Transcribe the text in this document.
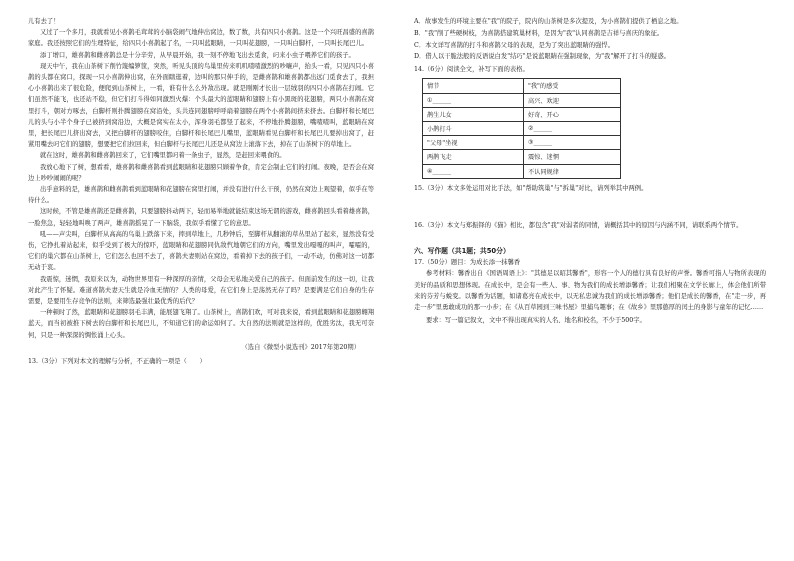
儿有去了！

又过了一个多月，我就看见小喜鹊毛茸茸的小脑袋闹气地伸出窝边，数了数，共有四只小喜鹊。这是一个兴旺昌盛的喜鹊家庭。我还按照它们的生理特征，给四只小喜鹊起了名，一只叫蓝眼睛，一只叫花翅膀，一只叫白脚杆，一只叫长尾巴儿。

添丁增口，雄喜鹊和雌喜鹊总是十分辛劳，从早晨开始，我一刻不停地飞出去觅食，叼来小虫子喂养它们的孩子。

现天中午，我在山茶树下削竹篾编箩筐，突然，听见头顶的鸟巢里传来叽叽喳喳激烈的吵嚷声，抬头一看，只见四只小喜鹊的头都在窝口，探现一只小喜鹊伸出窝，在外面瞎逛着，边叫的那只伸手的，是雌喜鹊和雄喜鹊都出远门觅食去了，我担心小喜鹊出来了很危险，便爬到山茶树上，一看，谁有什么么外敌出现。就是刚刚才长出一层绒羽的四只小喜鹊在打闹。它们虽然不能飞，也还站不稳，但它们打斗得如同激烈火爆：个头最大的蓝眼睛和翅膀上有小黑斑的花翅膀，两只小喜鹊在窝里打斗，朝对方啄去，白脚杆则扑腾翅膀在窝沿处，头共连同翅膀呼呼扇着翅膀在两个小喜鹊间挤来挤去。白脚杆和长尾巴儿的头与小半个身子已被挤到窝沿边，大概是窝实在太小，浑身羽毛都竖了起来，不停地扑腾翅膀，嘴喳喳叫，蓝眼睛在窝里，把长尾巴儿挤出窝去，又把白脚杆的翅膀咬住，白脚杆和长尾巴儿嘴里，蓝眼睛看见白脚杆和长尾巴儿要掉出窝了，赶紧用嘴去叼它们的翅膀，想要把它们拉回来，但白脚杆与长尾巴儿还是从窝边上滚落下去，掉在了山茶树下的草地上。

就在这时，雄喜鹊和雌喜鹊回来了，它们嘴里都叼着一条虫子，显然，是赶回来喂食的。

我放心地下了树，想看看，雄喜鹊和雌喜鹊看到蓝眼睛和花翅膀只顾着争食，肯定会制止它们的打闹。夜晚，是否会在窝边上吵吵闹闹的呢？

出乎意料的是，雄喜鹊和雌喜鹊看到蓝眼睛和花翅膀在窝里打闹，并没有进行什么干预，仍然在窝边上观望着，似乎在等待什么。

这时候，不管是雄喜鹊还是雌喜鹊，只要翅膀抖动两下，轻而易举地就能结束这场无谓的游戏，雌喜鹊回头看着雄喜鹊，一脸焦急，轻轻地叫唤了两声，雄喜鹊摇晃了一下脑袋，我似乎看懂了它的意思。

吼——声尖叫，白脚杆从高高的鸟巢上跌落下来，摔到草地上，几秒钟后，至脚杆从翻滚的草丛里站了起来，显然没有受伤，它挣扎着站起来，似乎受到了极大的惊吓，蓝眼睛和花翅膀同仇敌忾地朝它们的方向，嘴里发出嘎嘎的叫声，嚯嚯的，它们的巢穴都在山茶树上，它们怎么也回不去了，喜鹊夫妻则站在窝边，看着掉下去的孩子们，一动不动，仿佛对这一切都无动于衷。

我震惊，迷惘，我原来以为，动物世界里有一种深厚的亲情，父母会无私地关爱自己的孩子。但面前发生的这一切，让我对此产生了怀疑。难道喜鹊夫妻天生就是冷血无情的？人类的母爱，在它们身上是荡然无存了吗？是要满足它们自身的生存需要，是要用生存竞争的法则，来筛选最强壮最优秀的后代？

一种顿时了然，蓝眼睛和花翅膀羽毛丰满，能展翅飞翔了。山茶树上，喜鹊们欢，可对我来说，看到蓝眼睛和花翅膀翱翔蓝天，而当初被推下树去的白脚杆和长尾巴儿，不知道它们的命运如何了。大自然的法则就是这样的，优胜劣汰，我无可奈何，只是一种深深的惆怅涌上心头。

（选自《微型小说选刊》2017年第20期）

13.（3分）下列对本文的理解与分析，不正确的一项是（　　）

A．故事发生的环境主要在"我"的院子，院内的山茶树是多次提及，为小喜鹊们提供了栖息之地。

B．"我"削了些硬树枝，为喜鹊搭建筑巢材料，是因为"我"认同喜鹊是吉祥与喜庆的象征。

C．本文详写喜鹊的打斗和喜鹊父母的表现，是为了突出蓝眼睛的强悍。

D．借人以干脆法般的反语说白发"结巧"是说蓝眼睛在强制现象，为"我"解开了打斗的疑惑。

14.（6分）阅读全文，补写下面的表格。

情节	"我"的感受
①______	高兴、欢迎
鹊生儿女	好奇、开心
小鹊打斗	②______
"父母"坐视	③______
两鹊飞走	震惊、迷惘
④______	不认同规律

15.（3分）本文多处运用对比手法，如"帮助筑巢"与"拆巢"对比，请列举其中两例。

16.（3分）本文与郑振铎的《猫》相比，都包含"我"对弱者的同情，请概括其中的原因与内涵不同，请联系两个情节。

六、写作题（共1题；共50分）

17.（50分）题目：为成长添一抹馨香

参考材料：馨香出自《国语周语上》："其德足以昭其馨香"，形容一个人的德行具有良好的声誉。馨香可指人与物所表现的美好的品质和思想体现。在成长中，是会有一些人、事、物为我们的成长增添馨香；让我们相聚在文学长廊上，体会他们所带来的芬芳与蜕变。以馨香为话题，如诸葛亮在成长中，以无私忠诚为我们的成长增添馨香；他们是成长的馨香，在"走一步，再走一步"里勇敢成功的那一小步；在《从百草园到三味书屋》里捕鸟趣事；在《故乡》里那憨厚的闰土的身影与童年的记忆……

要求：写一篇记叙文，文中不得出现真实的人名、地名和校名，不少于500字。
